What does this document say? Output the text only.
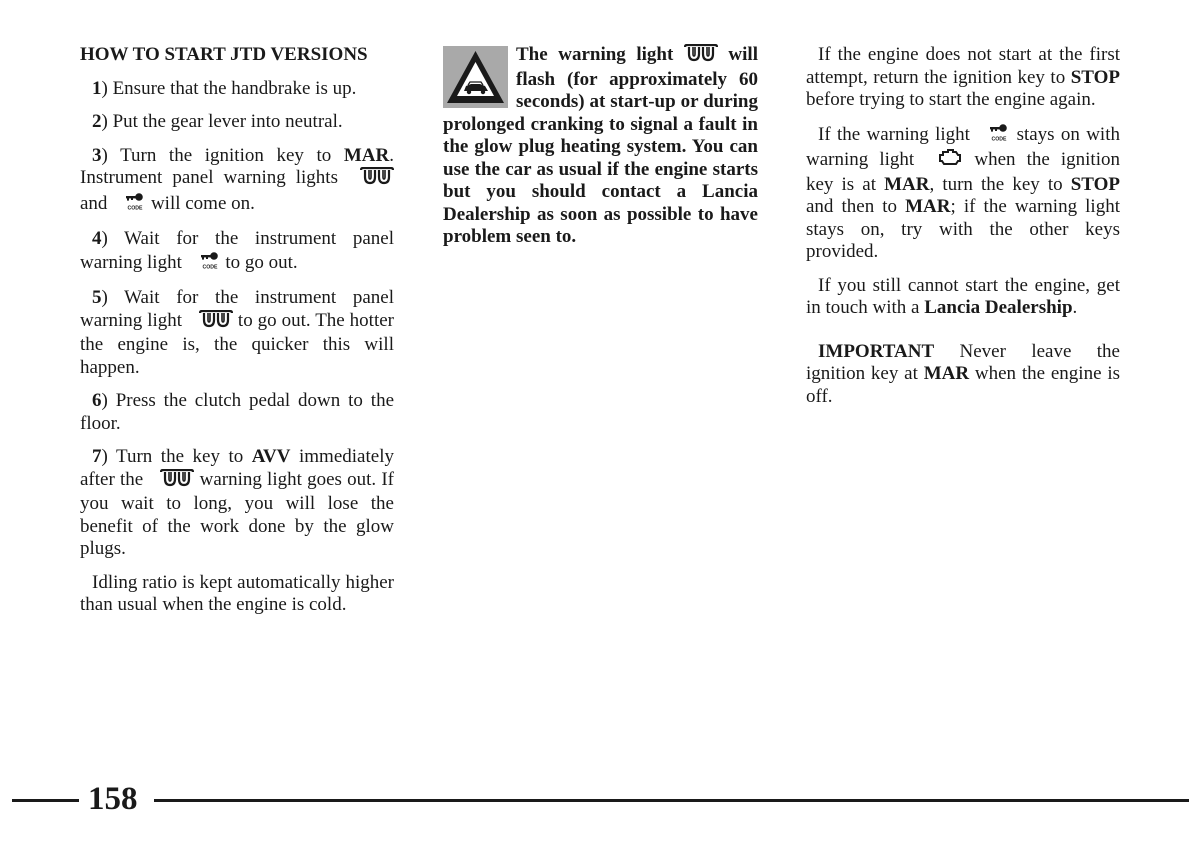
HOW TO START JTD VERSIONS

1) Ensure that the handbrake is up.

2) Put the gear lever into neutral.

3) Turn the ignition key to MAR. Instrument panel warning lights  and	CODE will come on.

4) Wait for the instrument panel warning light	CODE to go out.

5) Wait for the instrument panel warning light  to go out. The hotter the engine is, the quicker this will happen.

6) Press the clutch pedal down to the floor.

7) Turn the key to AVV immediately after the  warning light goes out. If you wait to long, you will lose the benefit of the work done by the glow plugs.

Idling ratio is kept automatically higher than usual when the engine is cold.

The warning light  will flash (for approximately 60 seconds) at start-up or during prolonged cranking to signal a fault in the glow plug heating system. You can use the car as usual if the engine starts but you should contact a Lancia Dealership as soon as possible to have problem seen to.

If the engine does not start at the first attempt, return the ignition key to STOP before trying to start the engine again.

If the warning light	CODE stays on with warning light  when the ignition key is at MAR, turn the key to STOP and then to MAR; if the warning light stays on, try with the other keys provided.

If you still cannot start the engine, get in touch with a Lancia Dealership.

IMPORTANT Never leave the ignition key at MAR when the engine is off.

158
